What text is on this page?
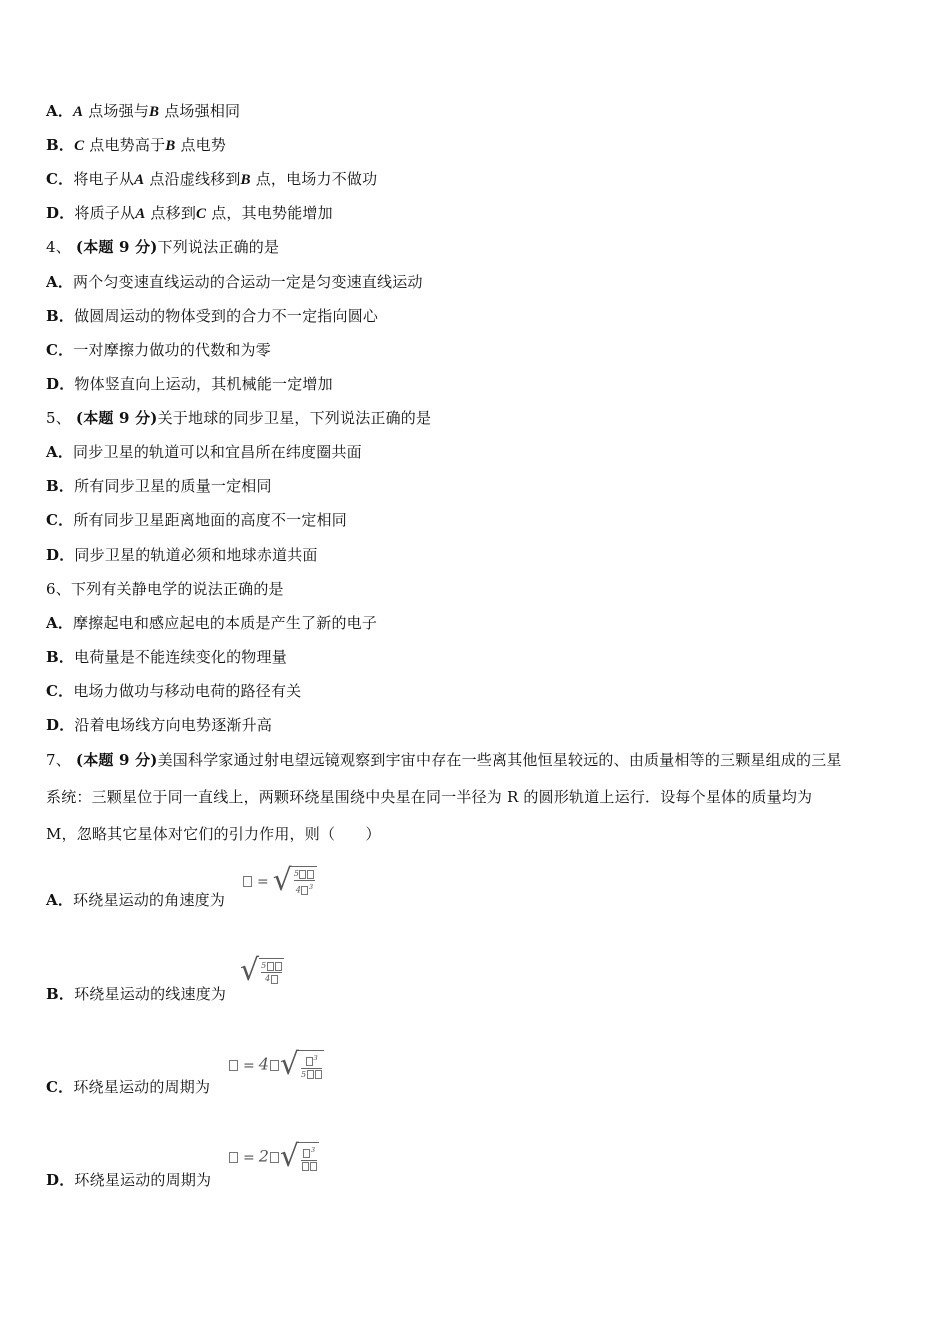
A．A 点场强与B 点场强相同
B．C 点电势高于B 点电势
C．将电子从A 点沿虚线移到B 点，电场力不做功
D．将质子从A 点移到C 点，其电势能增加
4、 (本题 9 分)下列说法正确的是
A．两个匀变速直线运动的合运动一定是匀变速直线运动
B．做圆周运动的物体受到的合力不一定指向圆心
C．一对摩擦力做功的代数和为零
D．物体竖直向上运动，其机械能一定增加
5、 (本题 9 分)关于地球的同步卫星，下列说法正确的是
A．同步卫星的轨道可以和宜昌所在纬度圈共面
B．所有同步卫星的质量一定相同
C．所有同步卫星距离地面的高度不一定相同
D．同步卫星的轨道必须和地球赤道共面
6、下列有关静电学的说法正确的是
A．摩擦起电和感应起电的本质是产生了新的电子
B．电荷量是不能连续变化的物理量
C．电场力做功与移动电荷的路径有关
D．沿着电场线方向电势逐渐升高
7、 (本题 9 分)美国科学家通过射电望远镜观察到宇宙中存在一些离其他恒星较远的、由质量相等的三颗星组成的三星
系统：三颗星位于同一直线上，两颗环绕星围绕中央星在同一半径为 R 的圆形轨道上运行．设每个星体的质量均为
M，忽略其它星体对它们的引力作用，则（　　）
A．环绕星运动的角速度为
= √ $\frac{5}{4 ^3}$
B．环绕星运动的线速度为
√ $\frac{5}{4}$
C．环绕星运动的周期为
= 4 √ $\frac{^3}{5}$
D．环绕星运动的周期为
= 2 √	$^3$
